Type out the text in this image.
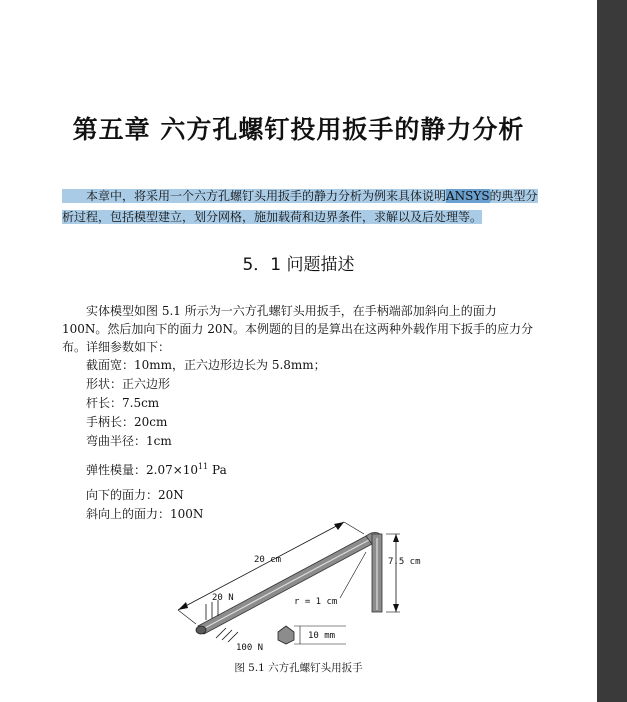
第五章 六方孔螺钉投用扳手的静力分析
本章中，将采用一个六方孔螺钉头用扳手的静力分析为例来具体说明ANSYS的典型分析过程，包括模型建立，划分网格，施加载荷和边界条件，求解以及后处理等。
5．1 问题描述

实体模型如图 5.1 所示为一六方孔螺钉头用扳手，在手柄端部加斜向上的面力 100N。然后加向下的面力 20N。本例题的目的是算出在这两种外载作用下扳手的应力分布。详细参数如下：

截面宽：10mm，正六边形边长为 5.8mm；

形状：正六边形

杆长：7.5cm

手柄长：20cm

弯曲半径：1cm

弹性模量：$2.07\times 10^{11}$ Pa

向下的面力：20N

斜向上的面力：100N

20 cm	7.5 cm
r = 1 cm
10 mm
20 N
100 N
图 5.1 六方孔螺钉头用扳手
